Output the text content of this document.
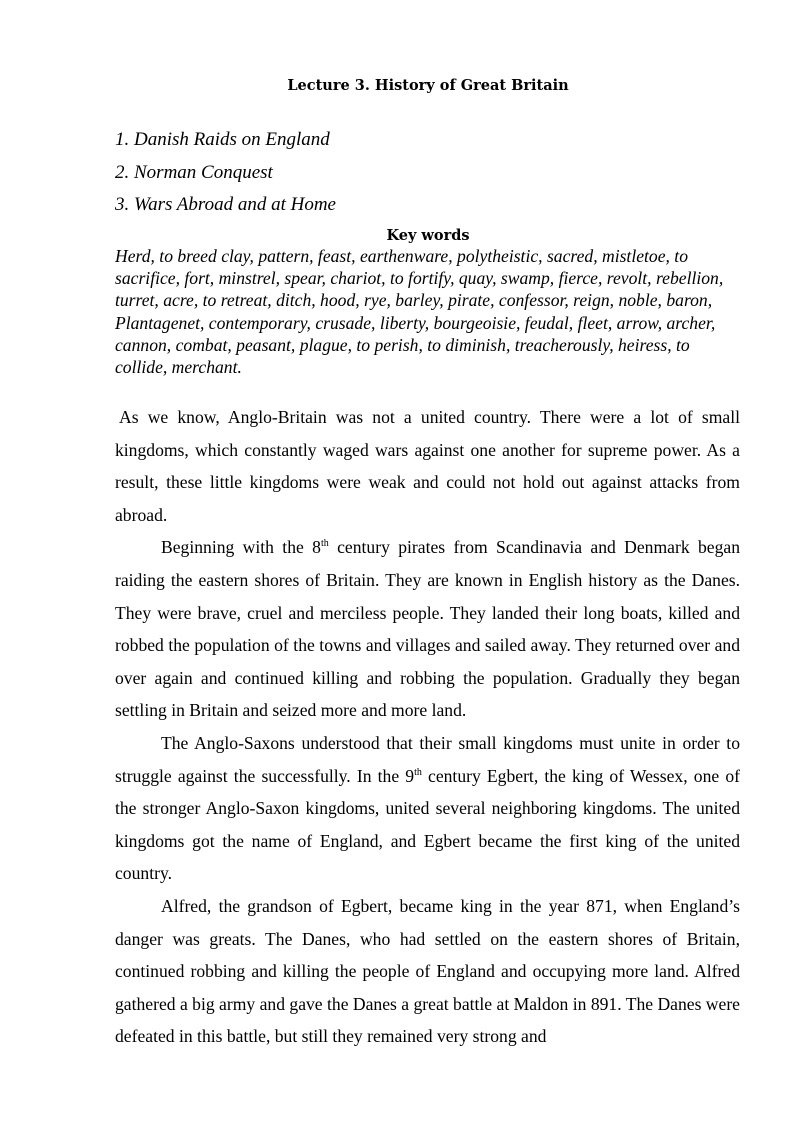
Lecture 3. History of Great Britain
1. Danish Raids on England
2. Norman Conquest
3. Wars Abroad and at Home
Key words

Herd, to breed clay, pattern, feast, earthenware, polytheistic, sacred, mistletoe, to sacrifice, fort, minstrel, spear, chariot, to fortify, quay, swamp, fierce, revolt, rebellion, turret, acre, to retreat, ditch, hood, rye, barley, pirate, confessor, reign, noble, baron, Plantagenet, contemporary, crusade, liberty, bourgeoisie, feudal, fleet, arrow, archer, cannon, combat, peasant, plague, to perish, to diminish, treacherously, heiress, to collide, merchant.

As we know, Anglo-Britain was not a united country. There were a lot of small kingdoms, which constantly waged wars against one another for supreme power. As a result, these little kingdoms were weak and could not hold out against attacks from abroad.

Beginning with the 8th century pirates from Scandinavia and Denmark began raiding the eastern shores of Britain. They are known in English history as the Danes. They were brave, cruel and merciless people. They landed their long boats, killed and robbed the population of the towns and villages and sailed away. They returned over and over again and continued killing and robbing the population. Gradually they began settling in Britain and seized more and more land.

The Anglo-Saxons understood that their small kingdoms must unite in order to struggle against the successfully. In the 9th century Egbert, the king of Wessex, one of the stronger Anglo-Saxon kingdoms, united several neighboring kingdoms. The united kingdoms got the name of England, and Egbert became the first king of the united country.

Alfred, the grandson of Egbert, became king in the year 871, when England’s danger was greats. The Danes, who had settled on the eastern shores of Britain, continued robbing and killing the people of England and occupying more land. Alfred gathered a big army and gave the Danes a great battle at Maldon in 891. The Danes were defeated in this battle, but still they remained very strong and
